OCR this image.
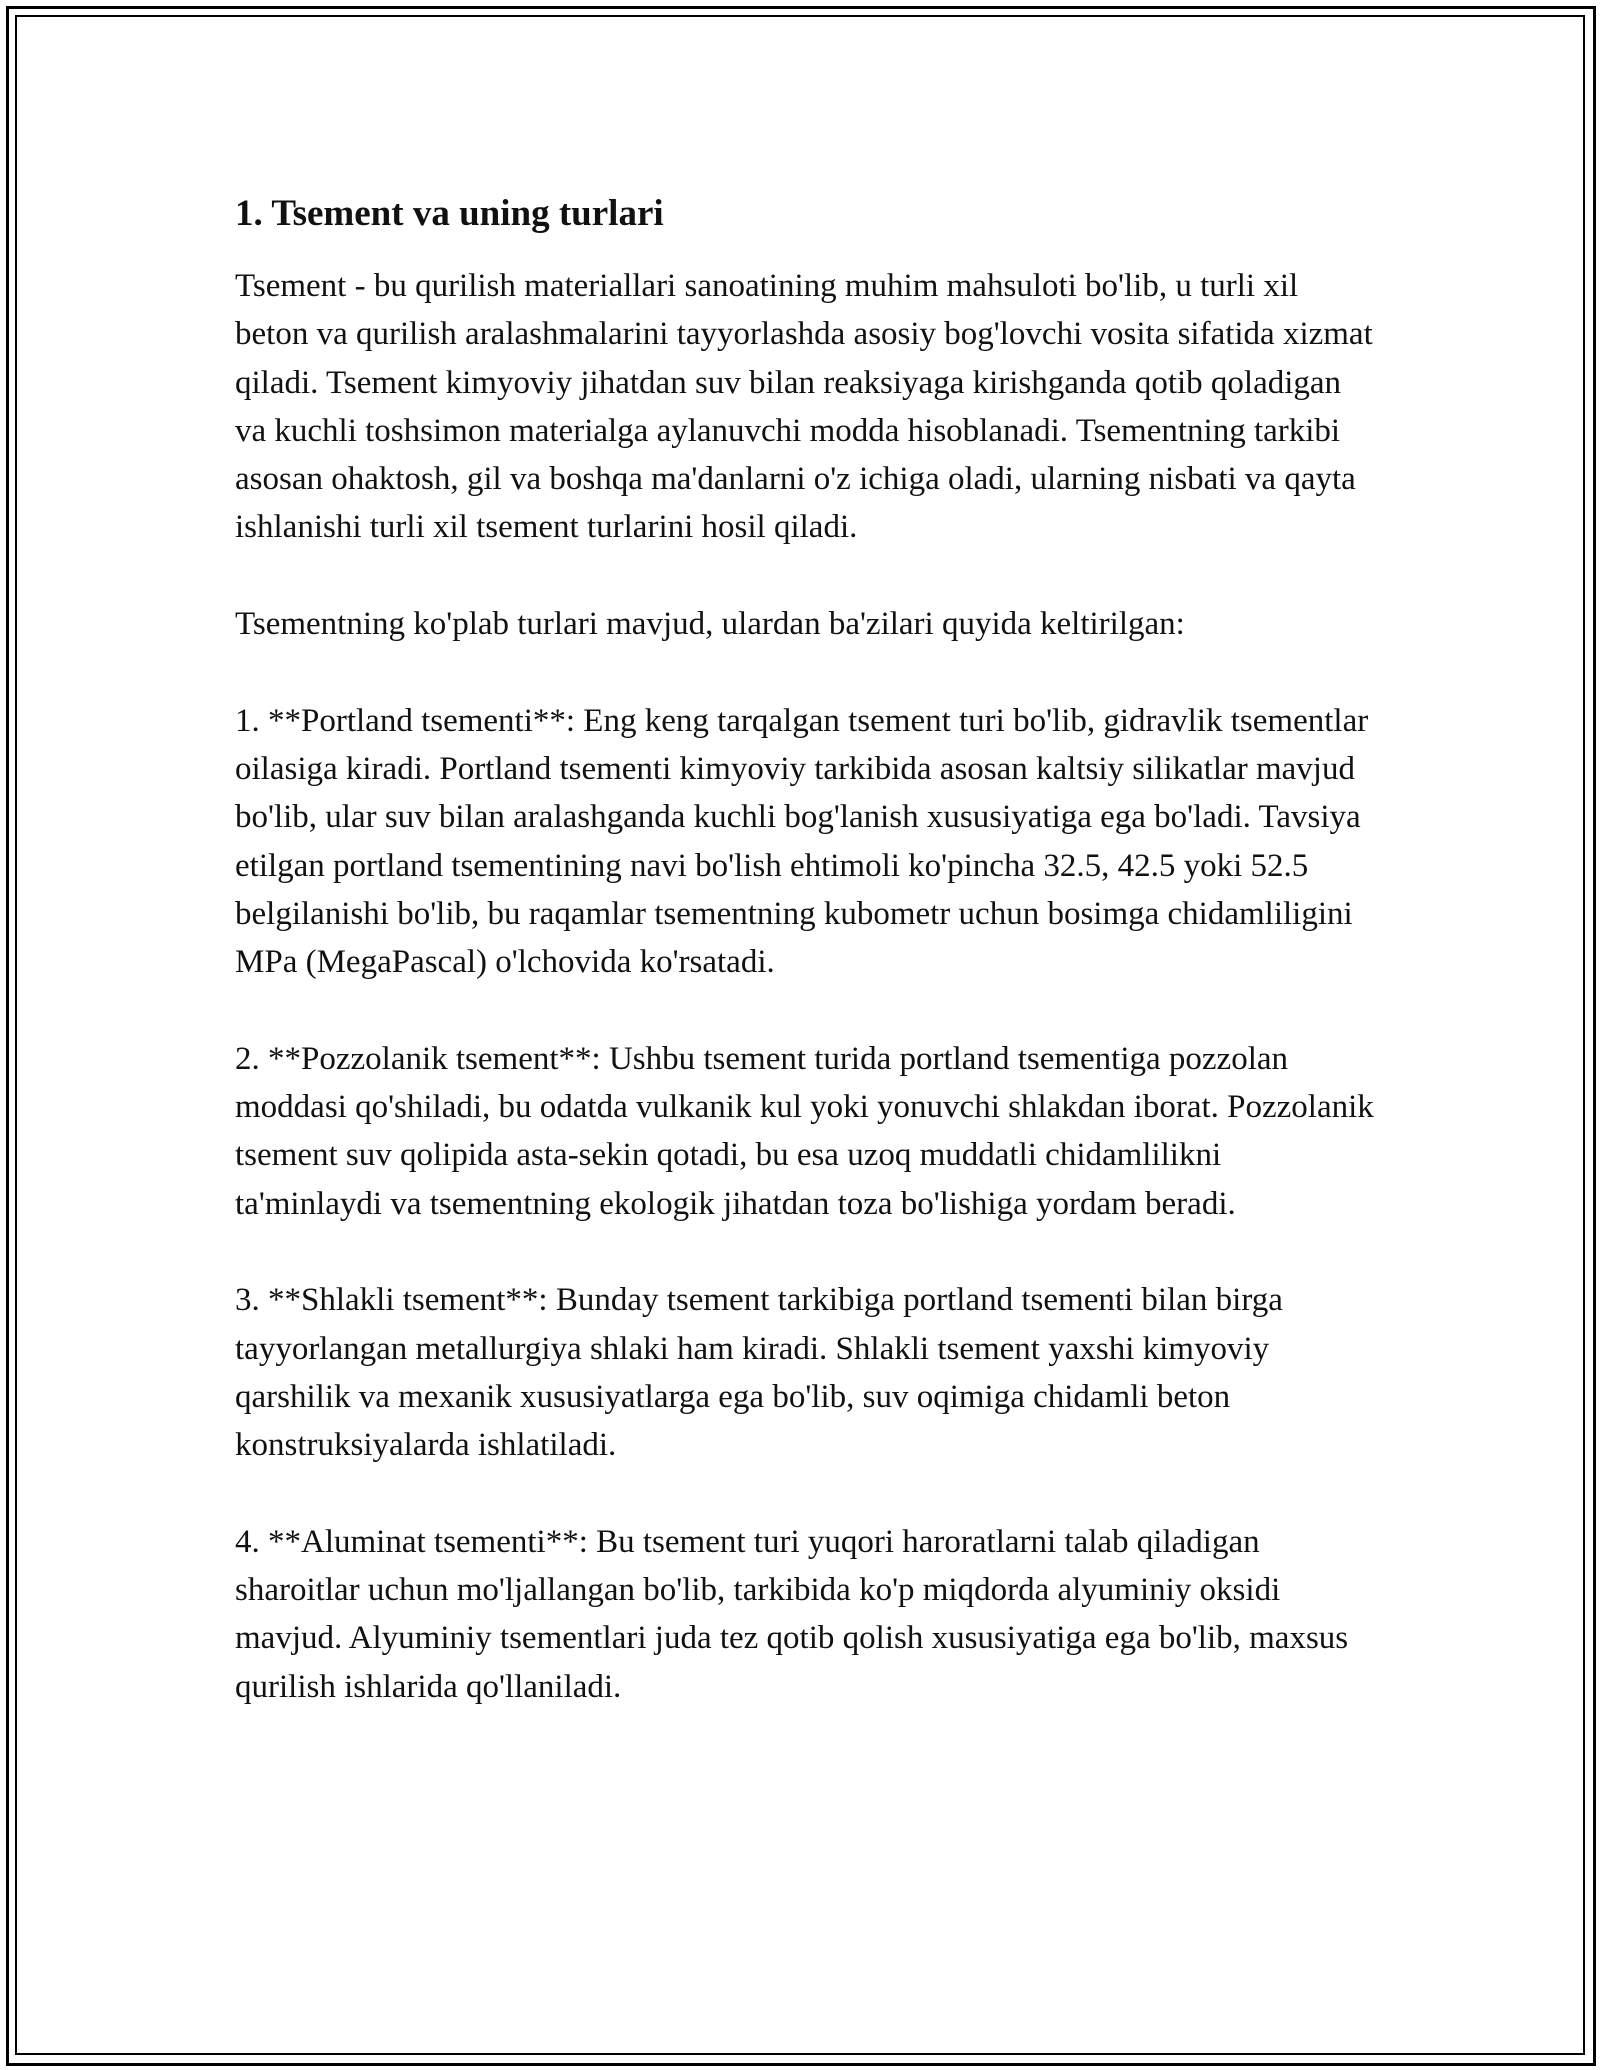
1. Tsement va uning turlari

Tsement - bu qurilish materiallari sanoatining muhim mahsuloti bo'lib, u turli xil beton va qurilish aralashmalarini tayyorlashda asosiy bog'lovchi vosita sifatida xizmat qiladi. Tsement kimyoviy jihatdan suv bilan reaksiyaga kirishganda qotib qoladigan va kuchli toshsimon materialga aylanuvchi modda hisoblanadi. Tsementning tarkibi asosan ohaktosh, gil va boshqa ma'danlarni o'z ichiga oladi, ularning nisbati va qayta ishlanishi turli xil tsement turlarini hosil qiladi.

Tsementning ko'plab turlari mavjud, ulardan ba'zilari quyida keltirilgan:

1. **Portland tsementi**: Eng keng tarqalgan tsement turi bo'lib, gidravlik tsementlar oilasiga kiradi. Portland tsementi kimyoviy tarkibida asosan kaltsiy silikatlar mavjud bo'lib, ular suv bilan aralashganda kuchli bog'lanish xususiyatiga ega bo'ladi. Tavsiya etilgan portland tsementining navi bo'lish ehtimoli ko'pincha 32.5, 42.5 yoki 52.5 belgilanishi bo'lib, bu raqamlar tsementning kubometr uchun bosimga chidamliligini MPa (MegaPascal) o'lchovida ko'rsatadi.

2. **Pozzolanik tsement**: Ushbu tsement turida portland tsementiga pozzolan moddasi qo'shiladi, bu odatda vulkanik kul yoki yonuvchi shlakdan iborat. Pozzolanik tsement suv qolipida asta-sekin qotadi, bu esa uzoq muddatli chidamlilikni ta'minlaydi va tsementning ekologik jihatdan toza bo'lishiga yordam beradi.

3. **Shlakli tsement**: Bunday tsement tarkibiga portland tsementi bilan birga tayyorlangan metallurgiya shlaki ham kiradi. Shlakli tsement yaxshi kimyoviy qarshilik va mexanik xususiyatlarga ega bo'lib, suv oqimiga chidamli beton konstruksiyalarda ishlatiladi.

4. **Aluminat tsementi**: Bu tsement turi yuqori haroratlarni talab qiladigan sharoitlar uchun mo'ljallangan bo'lib, tarkibida ko'p miqdorda alyuminiy oksidi mavjud. Alyuminiy tsementlari juda tez qotib qolish xususiyatiga ega bo'lib, maxsus qurilish ishlarida qo'llaniladi.
